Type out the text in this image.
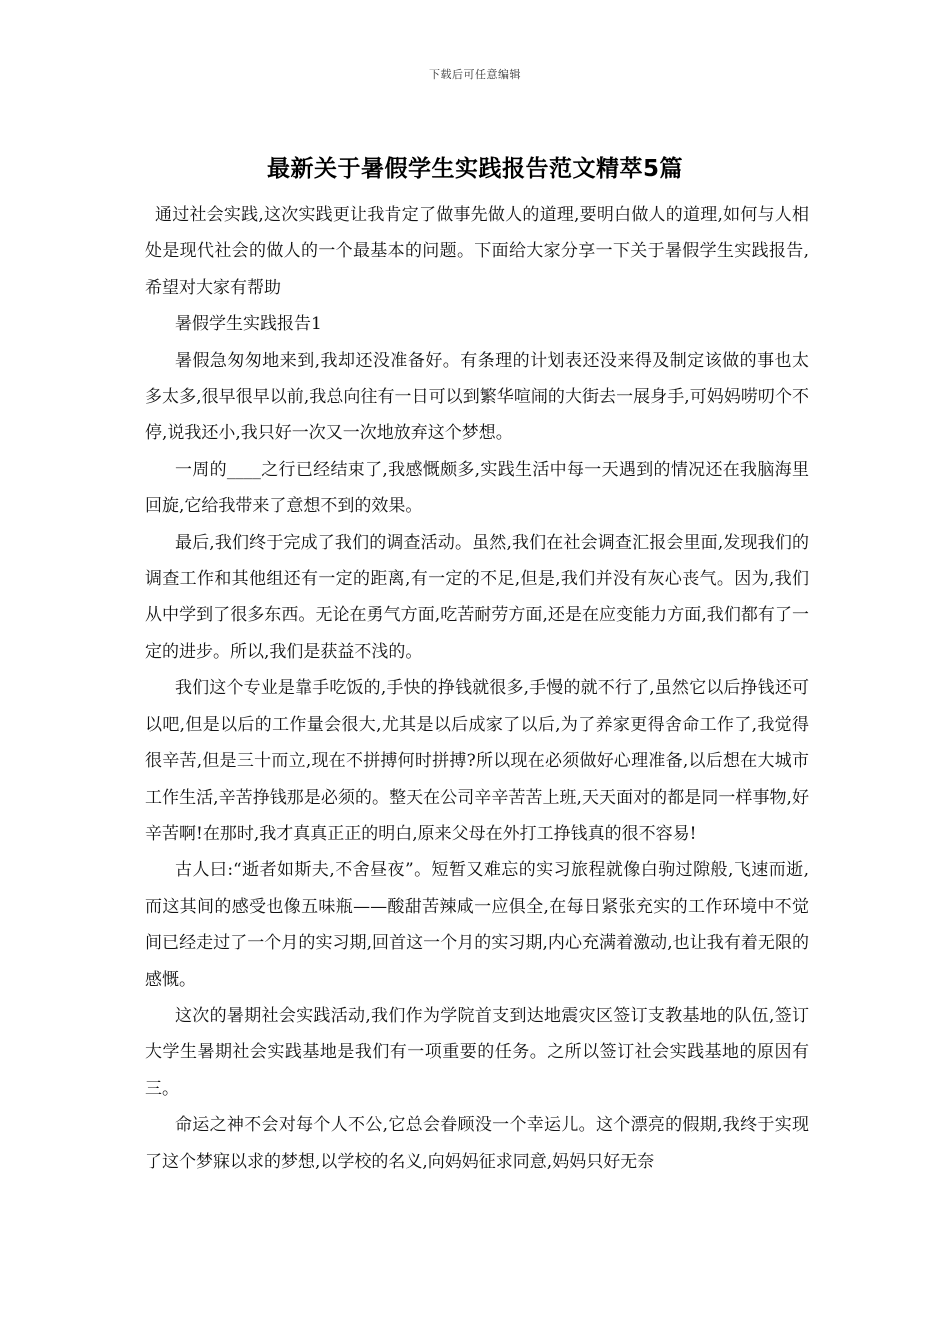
下载后可任意编辑
最新关于暑假学生实践报告范文精萃5篇

通过社会实践,这次实践更让我肯定了做事先做人的道理,要明白做人的道理,如何与人相处是现代社会的做人的一个最基本的问题。下面给大家分享一下关于暑假学生实践报告,希望对大家有帮助

暑假学生实践报告1

暑假急匆匆地来到,我却还没准备好。有条理的计划表还没来得及制定该做的事也太多太多,很早很早以前,我总向往有一日可以到繁华喧闹的大街去一展身手,可妈妈唠叨个不停,说我还小,我只好一次又一次地放弃这个梦想。

一周的____之行已经结束了,我感慨颇多,实践生活中每一天遇到的情况还在我脑海里回旋,它给我带来了意想不到的效果。

最后,我们终于完成了我们的调查活动。虽然,我们在社会调查汇报会里面,发现我们的调查工作和其他组还有一定的距离,有一定的不足,但是,我们并没有灰心丧气。因为,我们从中学到了很多东西。无论在勇气方面,吃苦耐劳方面,还是在应变能力方面,我们都有了一定的进步。所以,我们是获益不浅的。

我们这个专业是靠手吃饭的,手快的挣钱就很多,手慢的就不行了,虽然它以后挣钱还可以吧,但是以后的工作量会很大,尤其是以后成家了以后,为了养家更得舍命工作了,我觉得很辛苦,但是三十而立,现在不拼搏何时拼搏?所以现在必须做好心理准备,以后想在大城市工作生活,辛苦挣钱那是必须的。整天在公司辛辛苦苦上班,天天面对的都是同一样事物,好辛苦啊!在那时,我才真真正正的明白,原来父母在外打工挣钱真的很不容易!

古人曰:“逝者如斯夫,不舍昼夜”。短暂又难忘的实习旅程就像白驹过隙般,飞速而逝,而这其间的感受也像五味瓶——酸甜苦辣咸一应俱全,在每日紧张充实的工作环境中不觉间已经走过了一个月的实习期,回首这一个月的实习期,内心充满着激动,也让我有着无限的感慨。

这次的暑期社会实践活动,我们作为学院首支到达地震灾区签订支教基地的队伍,签订大学生暑期社会实践基地是我们有一项重要的任务。之所以签订社会实践基地的原因有三。

命运之神不会对每个人不公,它总会眷顾没一个幸运儿。这个漂亮的假期,我终于实现了这个梦寐以求的梦想,以学校的名义,向妈妈征求同意,妈妈只好无奈
